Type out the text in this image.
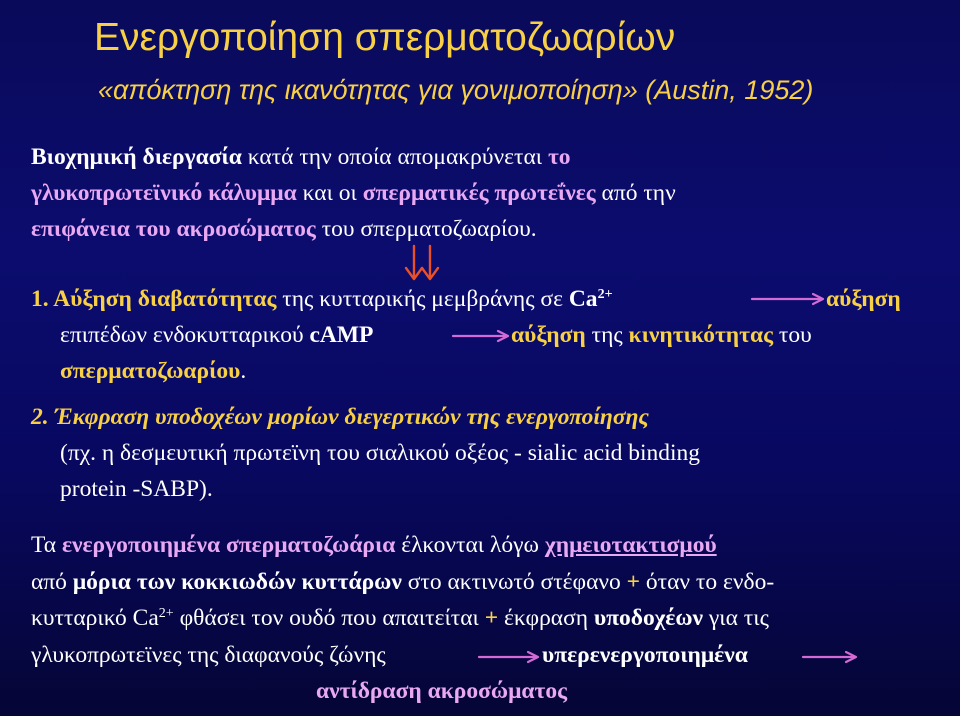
Ενεργοποίηση σπερματοζωαρίων
«απόκτηση της ικανότητας για γονιμοποίηση» (Austin, 1952)
Βιοχημική διεργασία κατά την οποία απομακρύνεται το
γλυκοπρωτεϊνικό κάλυμμα και οι σπερματικές πρωτεΐνες από την
επιφάνεια του ακροσώματος του σπερματοζωαρίου.
1. Αύξηση διαβατότητας της κυτταρικής μεμβράνης σε $Ca^{2+}$	αύξηση
επιπέδων ενδοκυτταρικού cAMP	αύξηση της κινητικότητας του
σπερματοζωαρίου.
2. Έκφραση υποδοχέων μορίων διεγερτικών της ενεργοποίησης
(πχ. η δεσμευτική πρωτεϊνη του σιαλικού οξέος - sialic acid binding
protein -SABP).
Τα ενεργοποιημένα σπερματοζωάρια έλκονται λόγω χημειοτακτισμού
από μόρια των κοκκιωδών κυττάρων στο ακτινωτό στέφανο + όταν το ενδο-
κυτταρικό $Ca^{2+}$ φθάσει τον ουδό που απαιτείται + έκφραση υποδοχέων για τις
γλυκοπρωτεϊνες της διαφανούς ζώνης	υπερενεργοποιημένα
αντίδραση ακροσώματος
